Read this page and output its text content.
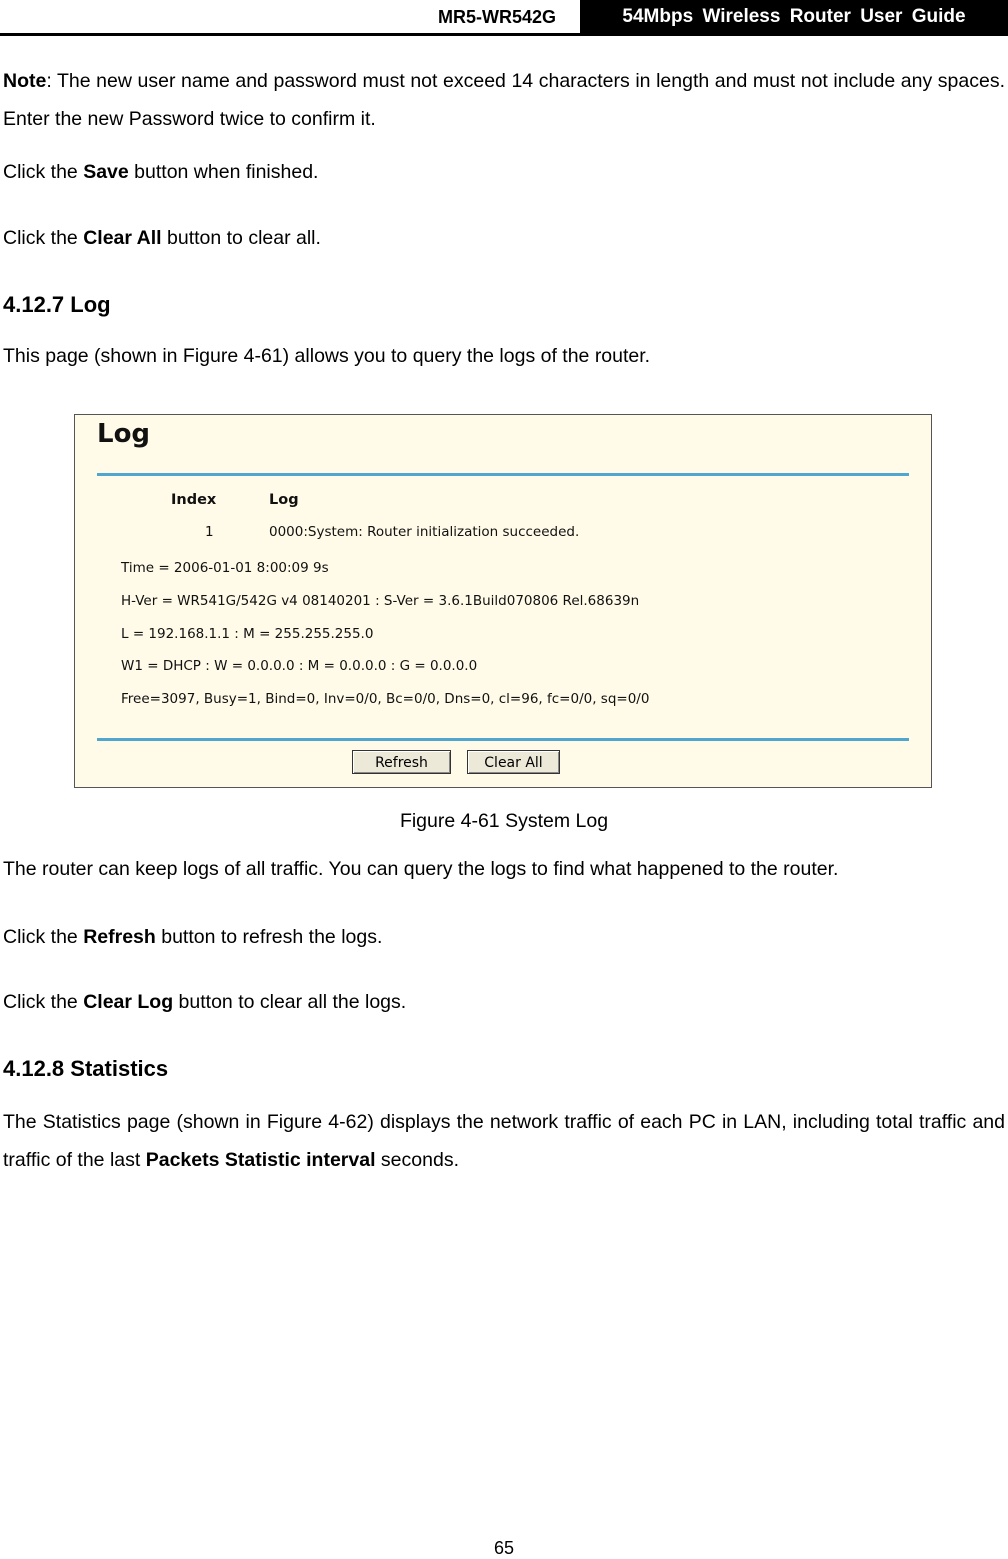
MR5-WR542G	54Mbps Wireless Router User Guide
Note: The new user name and password must not exceed 14 characters in length and must not include any spaces. Enter the new Password twice to confirm it.
Click the Save button when finished.
Click the Clear All button to clear all.
4.12.7 Log
This page (shown in Figure 4-61) allows you to query the logs of the router.
Log
Index	Log
1	0000:System: Router initialization succeeded.
Time = 2006-01-01 8:00:09 9s
H-Ver = WR541G/542G v4 08140201 : S-Ver = 3.6.1Build070806 Rel.68639n
L = 192.168.1.1 : M = 255.255.255.0
W1 = DHCP : W = 0.0.0.0 : M = 0.0.0.0 : G = 0.0.0.0
Free=3097, Busy=1, Bind=0, Inv=0/0, Bc=0/0, Dns=0, cl=96, fc=0/0, sq=0/0
Refresh	Clear All
Figure 4-61 System Log
The router can keep logs of all traffic. You can query the logs to find what happened to the router.
Click the Refresh button to refresh the logs.
Click the Clear Log button to clear all the logs.
4.12.8 Statistics
The Statistics page (shown in Figure 4-62) displays the network traffic of each PC in LAN, including total traffic and traffic of the last Packets Statistic interval seconds.
65
